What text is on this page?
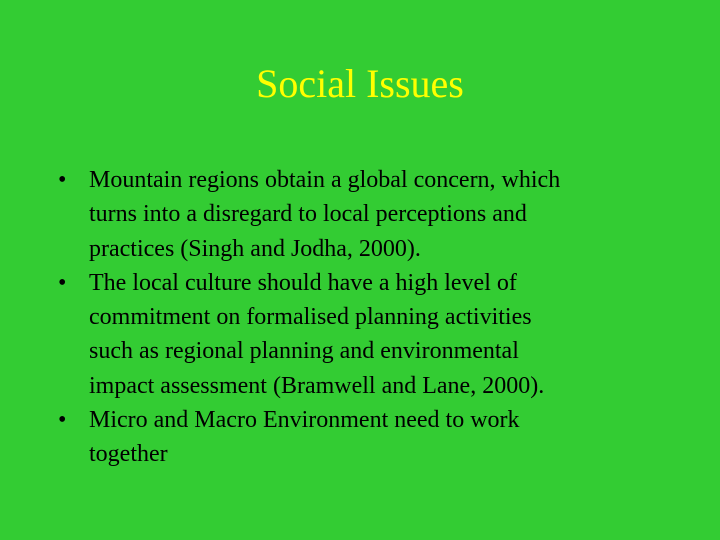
Social Issues
• Mountain regions obtain a global concern, which
turns into a disregard to local perceptions and
practices (Singh and Jodha, 2000).
• The local culture should have a high level of
commitment on formalised planning activities
such as regional planning and environmental
impact assessment (Bramwell and Lane, 2000).
• Micro and Macro Environment need to work
together
